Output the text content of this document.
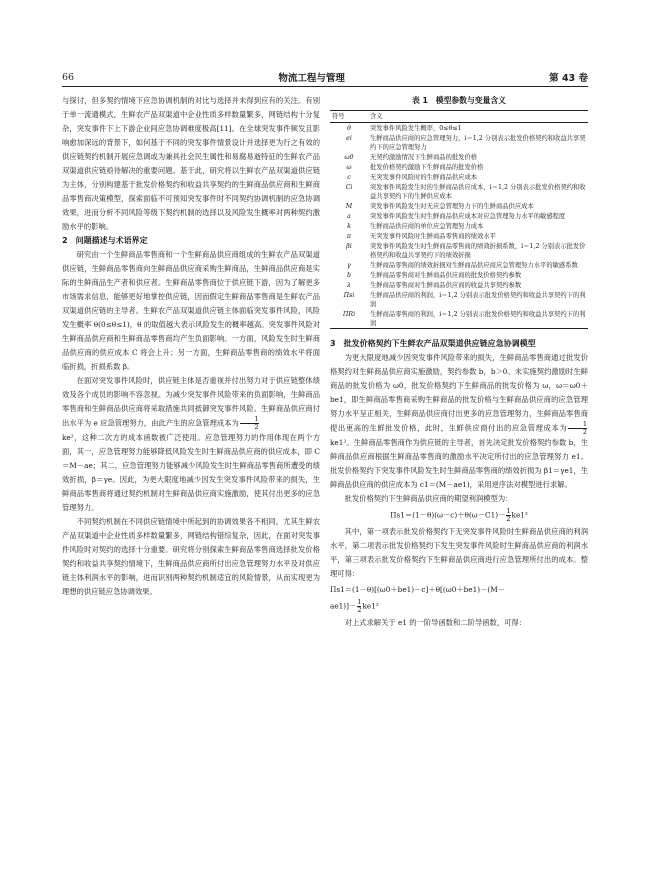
66	物流工程与管理	第 43 卷

与探讨，但多契约情境下应急协调机制的对比与选择并未得到应有的关注。有别于单一流通模式，生鲜农产品双渠道中企业性质多样数量繁多，网链结构十分复杂，突发事件下上下游企业间应急协调难度极高[11]。在全球突发事件频发且影响愈加深远的背景下，如何基于不同的突发事件情景设计并选择更为行之有效的供应链契约机制开展应急调或为兼具社会民生属性和易腐易逝特征的生鲜农产品双渠道供应链亟待解决的重要问题。基于此，研究将以生鲜农产品双渠道供应链为主体，分别构建基于批发价格契约和收益共享契约的生鲜商品供应商和生鲜商品零售商决策模型，探索面临不可预知突发事件时不同契约协调机制的应急协调效果，进而分析不同风险等级下契约机制的选择以及风险发生概率对两种契约激励水平的影响。

2　问题描述与术语界定

研究由一个生鲜商品零售商和一个生鲜商品供应商组成的生鲜农产品双渠道供应链，生鲜商品零售商向生鲜商品供应商采购生鲜商品，生鲜商品供应商是实际的生鲜商品生产者和供应者。生鲜商品零售商位于供应链下游，因为了解更多市场需求信息，能够更好地掌控供应链，因而假定生鲜商品零售商是生鲜农产品双渠道供应链的主导者。生鲜农产品双渠道供应链主体面临突发事件风险，风险发生概率 θ(0≤θ≤1)，θ 的取值越大表示风险发生的概率越高。突发事件风险对生鲜商品供应商和生鲜商品零售商均产生负面影响。一方面，风险发生时生鲜商品供应商的供应成本 C 将会上升；另一方面，生鲜商品零售商的绩效水平将面临折损，折损系数 β。

在面对突发事件风险时，供应链主体是否重视并付出努力对于供应链整体绩效及各个成员的影响不容忽视。为减少突发事件风险带来的负面影响，生鲜商品零售商和生鲜商品供应商将采取措施共同抵御突发事件风险。生鲜商品供应商付出水平为 e 应急管理努力，由此产生的应急管理成本为 $\frac{1}{2}$

ke²，这种二次方的成本函数被广泛使用。应急管理努力的作用体现在两个方面，其一，应急管理努力能够降低风险发生时生鲜商品供应商的供应成本，即 C＝M－ae；其二，应急管理努力能够减少风险发生时生鲜商品零售商所遭受的绩效折损，β＝γe。因此，为更大限度地减少因发生突发事件风险带来的损失，生鲜商品零售商将通过契约机制对生鲜商品供应商实施激励，使其付出更多的应急管理努力。

不同契约机制在不同供应链情境中所起到的协调效果各不相同，尤其生鲜农产品双渠道中企业性质多样数量繁多，网链结构错综复杂，因此，在面对突发事件风险时对契约的选择十分重要。研究将分别探索生鲜商品零售商选择批发价格契约和收益共享契约情境下，生鲜商品供应商所付出应急管理努力水平及对供应链主体利润水平的影响，进而识别两种契约机制适宜的风险情景，从而实现更为理想的供应链应急协调效果。

表 1　模型参数与变量含义
符号	含义
θ	突发事件风险发生概率，0≤θ≤1
ei	生鲜商品供应商的应急管理努力，i＝1,2 分别表示批发价格契约和收益共享契约下的应急管理努力
ω0	无契约激励情况下生鲜商品的批发价格
ω	批发价格契约激励下生鲜商品的批发价格
c	无突发事件风险时的生鲜商品供应成本
Ci	突发事件风险发生时的生鲜商品供应成本，i＝1,2 分别表示批发价格契约和收益共享契约下的生鲜供应成本
M	突发事件风险发生时无应急管理努力下的生鲜商品供应成本
a	突发事件风险发生时生鲜商品供应成本对应急管理努力水平的敏感程度
k	生鲜商品供应商的单位应急管理努力成本
π	无突发事件风险时生鲜商品零售商的绩效水平
βi	突发事件风险发生时生鲜商品零售商的绩效折损系数，i＝1,2 分别表示批发价格契约和收益共享契约下的绩效折损
γ	生鲜商品零售商的绩效折损对生鲜商品供应商应急管理努力水平的敏感系数
b	生鲜商品零售商对生鲜商品供应商的批发价格契约参数
λ	生鲜商品零售商对生鲜商品供应商的收益共享契约参数
Πsi	生鲜商品供应商的利润，i＝1,2 分别表示批发价格契约和收益共享契约下的利润
ΠRi	生鲜商品零售商的利润，i＝1,2 分别表示批发价格契约和收益共享契约下的利润
3　批发价格契约下生鲜农产品双渠道供应链应急协调模型

为更大限度地减少因突发事件风险带来的损失，生鲜商品零售商通过批发价格契约对生鲜商品供应商实施激励，契约参数 b，b＞0。未实施契约激励时生鲜商品的批发价格为 ω0，批发价格契约下生鲜商品的批发价格为 ω，ω＝ω0＋be1，即生鲜商品零售商采购生鲜商品的批发价格与生鲜商品供应商的应急管理努力水平呈正相关，生鲜商品供应商付出更多的应急管理努力，生鲜商品零售商提出更高的生鲜批发价格，此时，生鲜供应商付出的应急管理成本为 $\frac{1}{2}$
ke1²。生鲜商品零售商作为供应链的主导者，首先决定批发价格契约参数 b，生鲜商品供应商根据生鲜商品零售商的激励水平决定所付出的应急管理努力 e1。批发价格契约下突发事件风险发生时生鲜商品零售商的绩效折损为 β1＝γe1，生鲜商品供应商的供应成本为 c1＝(M－ae1)，采用逆序法对模型进行求解。

批发价格契约下生鲜商品供应商的期望利润模型为：

$\Pi s1=(1-\theta)(\omega-c)+\theta(\omega-C1)- \frac{1}{2} ke1^2$

其中，第一项表示批发价格契约下无突发事件风险时生鲜商品供应商的利润水平，第二项表示批发价格契约下发生突发事件风险时生鲜商品供应商的利润水平，第三项表示批发价格契约下生鲜商品供应商进行应急管理所付出的成本。整理可得：

Πs1＝(1－θ)[(ω0＋be1)－c]＋θ[(ω0＋be1)－(M－
$ae1)]- \frac{1}{2} ke1^2$

对上式求解关于 e1 的一阶导函数和二阶导函数，可得：
